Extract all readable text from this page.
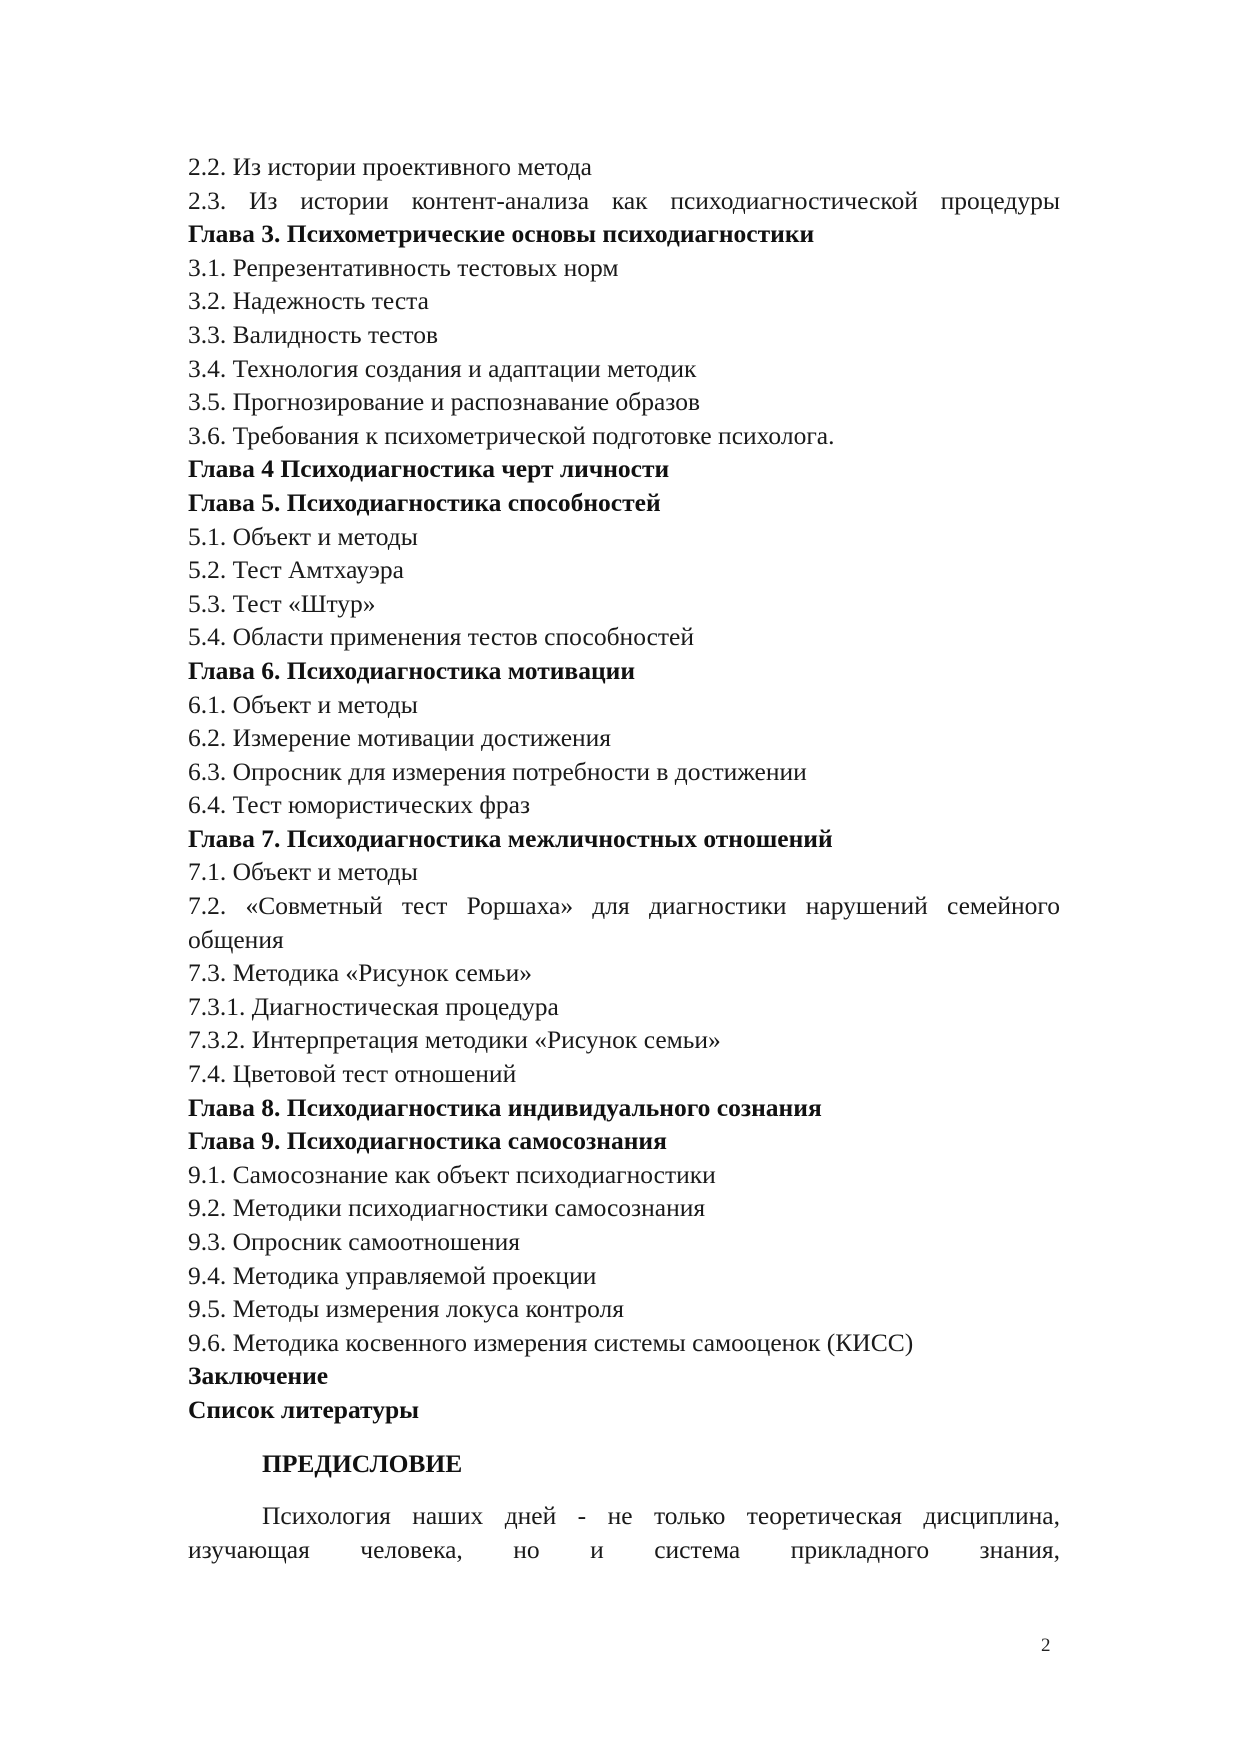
2.2. Из истории проективного метода
2.3. Из истории контент-анализа как психодиагностической процедуры
Глава 3. Психометрические основы психодиагностики
3.1. Репрезентативность тестовых норм
3.2. Надежность теста
3.3. Валидность тестов
3.4. Технология создания и адаптации методик
3.5. Прогнозирование и распознавание образов
3.6. Требования к психометрической подготовке психолога.
Глава 4 Психодиагностика черт личности
Глава 5. Психодиагностика способностей
5.1. Объект и методы
5.2. Тест Амтхауэра
5.3. Тест «Штур»
5.4. Области применения тестов способностей
Глава 6. Психодиагностика мотивации
6.1. Объект и методы
6.2. Измерение мотивации достижения
6.3. Опросник для измерения потребности в достижении
6.4. Тест юмористических фраз
Глава 7. Психодиагностика межличностных отношений
7.1. Объект и методы
7.2. «Совметный тест Роршаха» для диагностики нарушений семейного общения
7.3. Методика «Рисунок семьи»
7.3.1. Диагностическая процедура
7.3.2. Интерпретация методики «Рисунок семьи»
7.4. Цветовой тест отношений
Глава 8. Психодиагностика индивидуального сознания
Глава 9. Психодиагностика самосознания
9.1. Самосознание как объект психодиагностики
9.2. Методики психодиагностики самосознания
9.3. Опросник самоотношения
9.4. Методика управляемой проекции
9.5. Методы измерения локуса контроля
9.6. Методика косвенного измерения системы самооценок (КИСС)
Заключение
Список литературы
ПРЕДИСЛОВИЕ
Психология наших дней - не только теоретическая дисциплина, изучающая человека, но и система прикладного знания,
2
